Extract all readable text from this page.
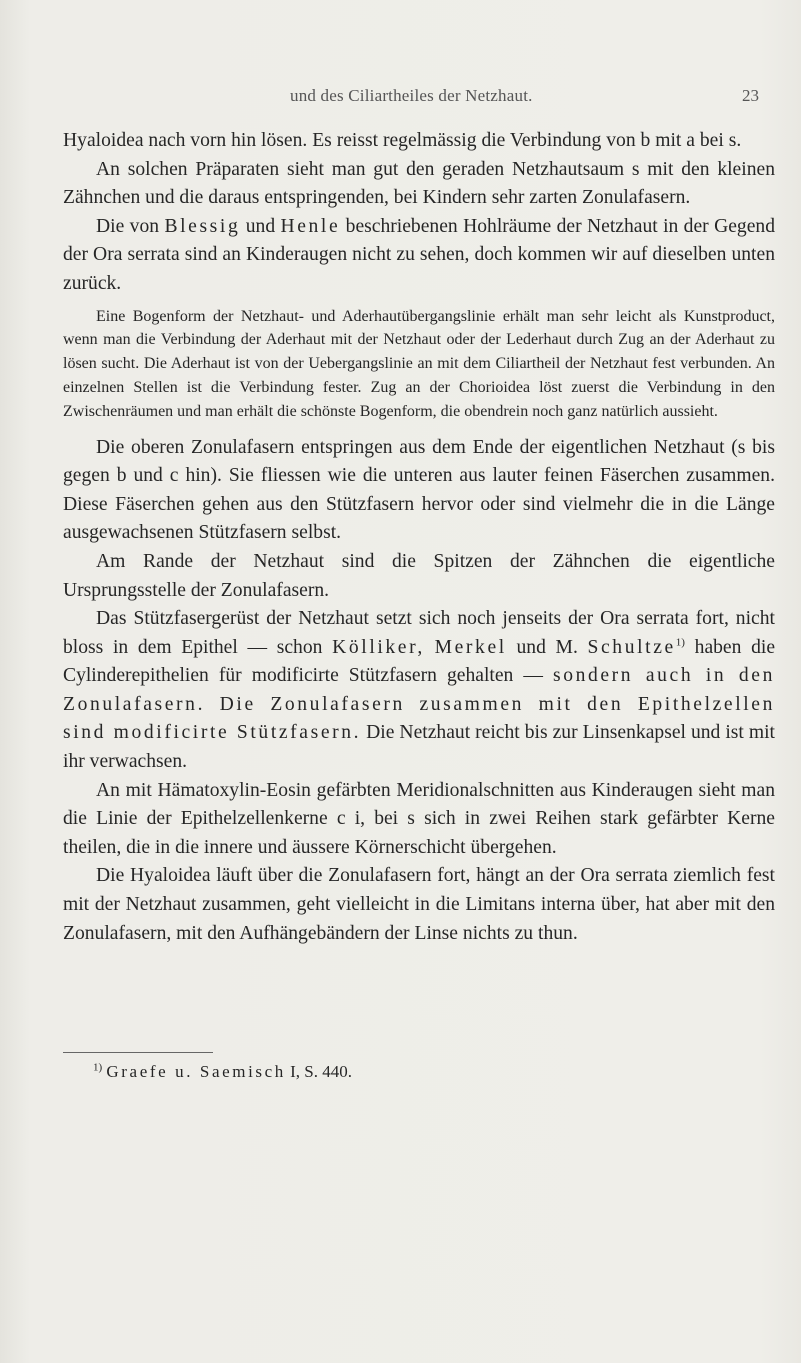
und des Ciliartheiles der Netzhaut.	23

Hyaloidea nach vorn hin lösen. Es reisst regelmässig die Verbindung von b mit a bei s.

An solchen Präparaten sieht man gut den geraden Netzhautsaum s mit den kleinen Zähnchen und die daraus entspringenden, bei Kindern sehr zarten Zonulafasern.

Die von Blessig und Henle beschriebenen Hohlräume der Netzhaut in der Gegend der Ora serrata sind an Kinderaugen nicht zu sehen, doch kommen wir auf dieselben unten zurück.

Eine Bogenform der Netzhaut- und Aderhautübergangslinie erhält man sehr leicht als Kunstproduct, wenn man die Verbindung der Aderhaut mit der Netzhaut oder der Lederhaut durch Zug an der Aderhaut zu lösen sucht. Die Aderhaut ist von der Uebergangslinie an mit dem Ciliartheil der Netzhaut fest verbunden. An einzelnen Stellen ist die Verbindung fester. Zug an der Chorioidea löst zuerst die Verbindung in den Zwischenräumen und man erhält die schönste Bogenform, die obendrein noch ganz natürlich aussieht.

Die oberen Zonulafasern entspringen aus dem Ende der eigentlichen Netzhaut (s bis gegen b und c hin). Sie fliessen wie die unteren aus lauter feinen Fäserchen zusammen. Diese Fäserchen gehen aus den Stützfasern hervor oder sind vielmehr die in die Länge ausgewachsenen Stützfasern selbst.

Am Rande der Netzhaut sind die Spitzen der Zähnchen die eigentliche Ursprungsstelle der Zonulafasern.

Das Stützfasergerüst der Netzhaut setzt sich noch jenseits der Ora serrata fort, nicht bloss in dem Epithel — schon Kölliker, Merkel und M. Schultze$^{1)}$ haben die Cylinderepithelien für modificirte Stützfasern gehalten — sondern auch in den Zonulafasern. Die Zonulafasern zusammen mit den Epithelzellen sind modificirte Stützfasern. Die Netzhaut reicht bis zur Linsenkapsel und ist mit ihr verwachsen.

An mit Hämatoxylin-Eosin gefärbten Meridionalschnitten aus Kinderaugen sieht man die Linie der Epithelzellenkerne c i, bei s sich in zwei Reihen stark gefärbter Kerne theilen, die in die innere und äussere Körnerschicht übergehen.

Die Hyaloidea läuft über die Zonulafasern fort, hängt an der Ora serrata ziemlich fest mit der Netzhaut zusammen, geht vielleicht in die Limitans interna über, hat aber mit den Zonulafasern, mit den Aufhängebändern der Linse nichts zu thun.

$^{1)}$ Graefe u. Saemisch I, S. 440.
